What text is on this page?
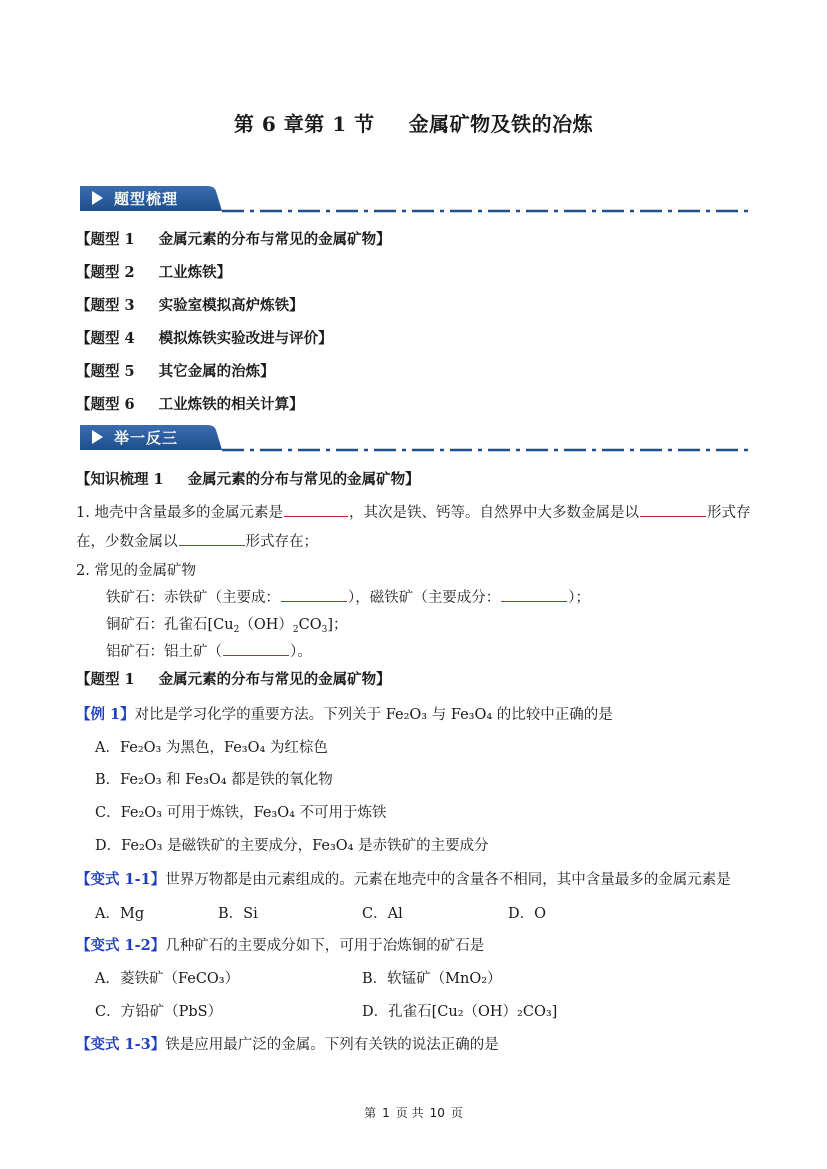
第 6 章第 1 节 金属矿物及铁的冶炼
题型梳理
【题型 1 金属元素的分布与常见的金属矿物】
【题型 2 工业炼铁】
【题型 3 实验室模拟高炉炼铁】
【题型 4 模拟炼铁实验改进与评价】
【题型 5 其它金属的治炼】
【题型 6 工业炼铁的相关计算】
举一反三
【知识梳理 1 金属元素的分布与常见的金属矿物】
1. 地壳中含量最多的金属元素是	，其次是铁、钙等。自然界中大多数金属是以	形式存
在，少数金属以	形式存在；
2. 常见的金属矿物
铁矿石：赤铁矿（主要成：	），磁铁矿（主要成分：	）；
铜矿石：孔雀石$[Cu_2(OH)_2CO_3]$；
铝矿石：铝土矿（	）。
【题型 1 金属元素的分布与常见的金属矿物】
【例 1】对比是学习化学的重要方法。下列关于 Fe₂O₃ 与 Fe₃O₄ 的比较中正确的是
A．Fe₂O₃ 为黑色，Fe₃O₄ 为红棕色
B．Fe₂O₃ 和 Fe₃O₄ 都是铁的氧化物
C．Fe₂O₃ 可用于炼铁，Fe₃O₄ 不可用于炼铁
D．Fe₂O₃ 是磁铁矿的主要成分，Fe₃O₄ 是赤铁矿的主要成分
【变式 1-1】世界万物都是由元素组成的。元素在地壳中的含量各不相同，其中含量最多的金属元素是
A．Mg	B．Si	C．Al	D．O
【变式 1-2】几种矿石的主要成分如下，可用于冶炼铜的矿石是
A．菱铁矿（FeCO₃）	B．软锰矿（MnO₂）
C．方铅矿（PbS）	D．孔雀石[Cu₂（OH）₂CO₃]
【变式 1-3】铁是应用最广泛的金属。下列有关铁的说法正确的是
第 1 页 共 10 页
